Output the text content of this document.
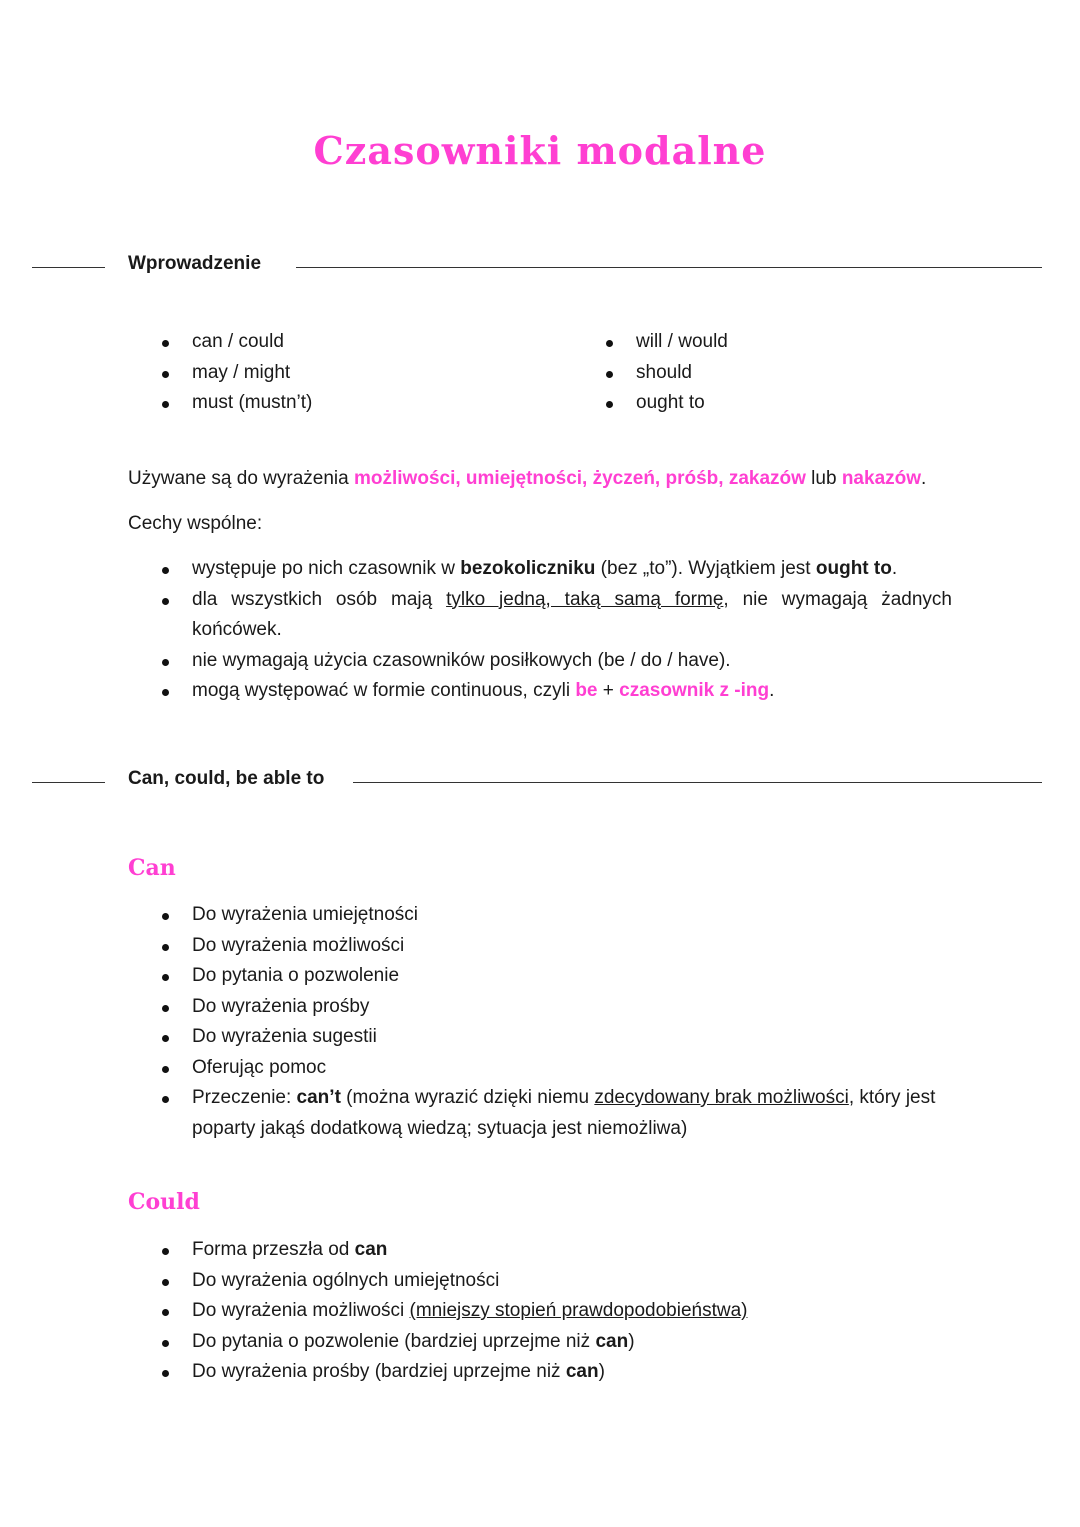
Czasowniki modalne
Wprowadzenie
can / could
may / might
must (mustn’t)
will / would
should
ought to

Używane są do wyrażenia możliwości, umiejętności, życzeń, próśb, zakazów lub nakazów.

Cechy wspólne:

występuje po nich czasownik w bezokoliczniku (bez „to”). Wyjątkiem jest ought to.
dla wszystkich osób mają tylko jedną, taką samą formę, nie wymagają żadnych końcówek.
nie wymagają użycia czasowników posiłkowych (be / do / have).
mogą występować w formie continuous, czyli be + czasownik z -ing.
Can, could, be able to
Can
Do wyrażenia umiejętności
Do wyrażenia możliwości
Do pytania o pozwolenie
Do wyrażenia prośby
Do wyrażenia sugestii
Oferując pomoc
Przeczenie: can’t (można wyrazić dzięki niemu zdecydowany brak możliwości, który jest poparty jakąś dodatkową wiedzą; sytuacja jest niemożliwa)
Could
Forma przeszła od can
Do wyrażenia ogólnych umiejętności
Do wyrażenia możliwości (mniejszy stopień prawdopodobieństwa)
Do pytania o pozwolenie (bardziej uprzejme niż can)
Do wyrażenia prośby (bardziej uprzejme niż can)
